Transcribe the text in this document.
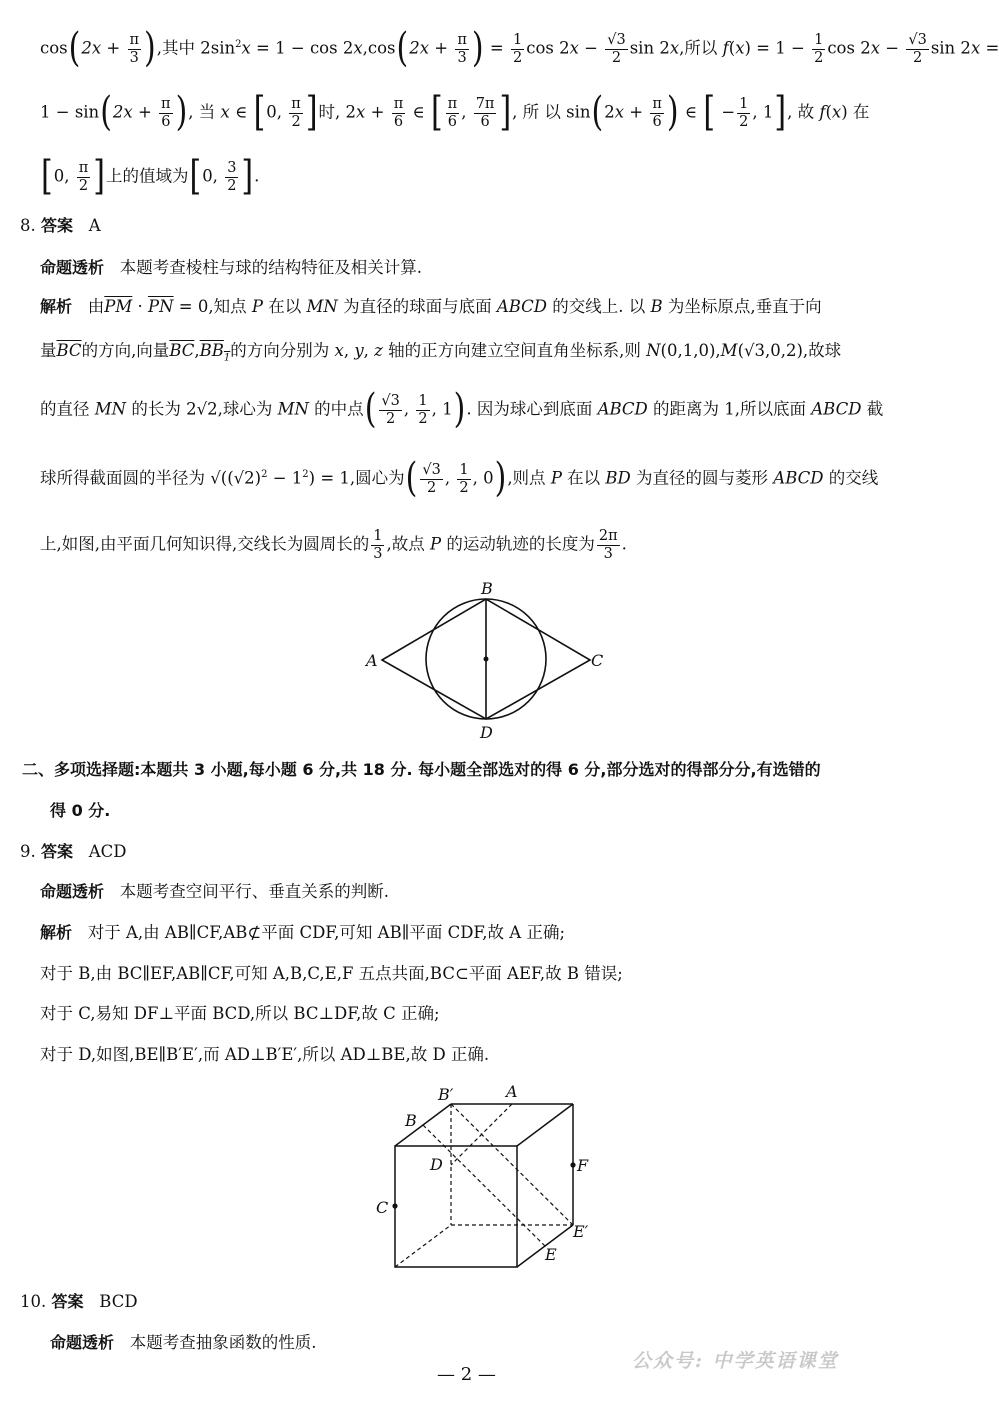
$\cos(2x + \frac{\pi}{3}$ ),其中 $2\sin^2x = 1 - \cos 2x,\cos(2x + \frac{\pi}{3}$ ) = $\frac{1}{2}$ $\cos 2x - \frac{√3}{2}$ sin 2x,所以 $f(x) = 1 - \frac{1}{2}$ $\cos 2x - \frac{√3}{2}$ sin 2x =
$1 - \sin(2x + \frac{\pi}{6}$ ), 当 x ∈ [0, $\frac{\pi}{2}$ ]时, $2x + \frac{\pi}{6}$ ∈ [ $\frac{\pi}{6}$ , $\frac{7\pi}{6}$ ], 所 以 $\sin(2x + \frac{\pi}{6}$ ) ∈ [ − $\frac{1}{2}$ , 1], 故 f(x) 在
[0, $\frac{\pi}{2}$ ]上的值域为[0, $\frac{3}{2}$ ].
8. 答案 A
命题透析 本题考查棱柱与球的结构特征及相关计算.
解析   由$\overline{PM} \cdot \overline{PN} = 0$,知点 P 在以 MN 为直径的球面与底面 ABCD 的交线上. 以 B 为坐标原点,垂直于向
量$\overline{BC}$的方向,向量$\overline{BC},BB_1$的方向分别为 x, y, z 轴的正方向建立空间直角坐标系,则 N(0,1,0),M(√3,0,2),故球
的直径 MN 的长为 2√2,球心为 MN 的中点( $\frac{√3}{2}$ , $\frac{1}{2}$ , 1). 因为球心到底面 ABCD 的距离为 1,所以底面 ABCD 截
球所得截面圆的半径为 $√((√2)^2 - 1^2) = 1$,圆心为( $\frac{√3}{2}$ , $\frac{1}{2}$ , 0),则点 P 在以 BD 为直径的圆与菱形 ABCD 的交线
上,如图,由平面几何知识得,交线长为圆周长的 $\frac{1}{3}$ ,故点 P 的运动轨迹的长度为 $\frac{2\pi}{3}$ .
B
A	C
D
二、多项选择题:本题共 3 小题,每小题 6 分,共 18 分. 每小题全部选对的得 6 分,部分选对的得部分分,有选错的
得 0 分.
9. 答案 ACD
命题透析 本题考查空间平行、垂直关系的判断.
解析 对于 A,由 AB∥CF,AB⊄平面 CDF,可知 AB∥平面 CDF,故 A 正确;
对于 B,由 BC∥EF,AB∥CF,可知 A,B,C,E,F 五点共面,BC⊂平面 AEF,故 B 错误;
对于 C,易知 DF⊥平面 BCD,所以 BC⊥DF,故 C 正确;
对于 D,如图,BE∥B′E′,而 AD⊥B′E′,所以 AD⊥BE,故 D 正确.
B′	A
B
D	F
C
E′
E
10. 答案 BCD
命题透析 本题考查抽象函数的性质.
— 2 —
公众号: 中学英语课堂
